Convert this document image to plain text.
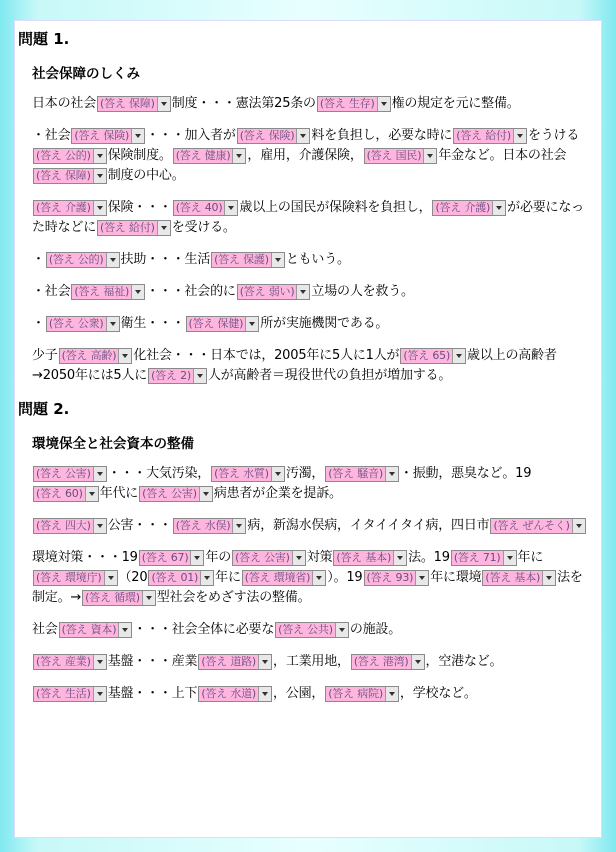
問題 1.
社会保障のしくみ

日本の社会 (答え 保障) 制度・・・憲法第25条の (答え 生存) 権の規定を元に整備。

・社会 (答え 保険) ・・・加入者が (答え 保険) 料を負担し，必要な時に (答え 給付) をうける(答え 公的) 保険制度。 (答え 健康) ，雇用，介護保険， (答え 国民) 年金など。日本の社会(答え 保障) 制度の中心。

(答え 介護) 保険・・・ (答え 40) 歳以上の国民が保険料を負担し， (答え 介護) が必要になった時などに (答え 給付) を受ける。

・ (答え 公的) 扶助・・・生活 (答え 保護) ともいう。

・社会 (答え 福祉) ・・・社会的に (答え 弱い) 立場の人を救う。

・ (答え 公衆) 衛生・・・ (答え 保健) 所が実施機関である。

少子 (答え 高齢) 化社会・・・日本では，2005年に5人に1人が (答え 65) 歳以上の高齢者→2050年には5人に (答え 2) 人が高齢者＝現役世代の負担が増加する。

問題 2.
環境保全と社会資本の整備

(答え 公害) ・・・大気汚染， (答え 水質) 汚濁， (答え 騒音) ・振動，悪臭など。19(答え 60) 年代に (答え 公害) 病患者が企業を提訴。

(答え 四大) 公害・・・ (答え 水俣) 病，新潟水俣病，イタイイタイ病，四日市 (答え ぜんそく)

環境対策・・・19 (答え 67) 年の (答え 公害) 対策 (答え 基本) 法。19 (答え 71) 年に(答え 環境庁) （20 (答え 01) 年に (答え 環境省) ）。19 (答え 93) 年に環境 (答え 基本) 法を制定。→ (答え 循環) 型社会をめざす法の整備。

社会 (答え 資本) ・・・社会全体に必要な (答え 公共) の施設。

(答え 産業) 基盤・・・産業 (答え 道路) ，工業用地， (答え 港湾) ，空港など。

(答え 生活) 基盤・・・上下 (答え 水道) ，公園， (答え 病院) ，学校など。
